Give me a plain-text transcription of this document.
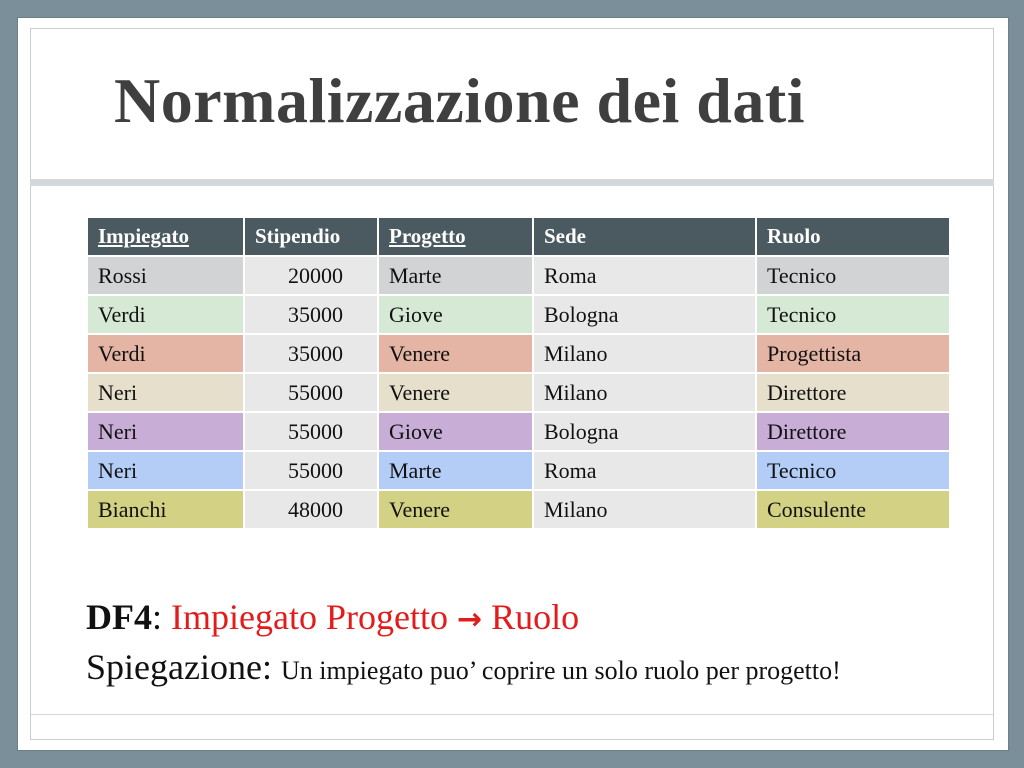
Normalizzazione dei dati
Impiegato	Stipendio	Progetto	Sede	Ruolo
Rossi	20000	Marte	Roma	Tecnico
Verdi	35000	Giove	Bologna	Tecnico
Verdi	35000	Venere	Milano	Progettista
Neri	55000	Venere	Milano	Direttore
Neri	55000	Giove	Bologna	Direttore
Neri	55000	Marte	Roma	Tecnico
Bianchi	48000	Venere	Milano	Consulente
DF4: Impiegato Progetto → Ruolo
Spiegazione: Un impiegato puo’ coprire un solo ruolo per progetto!
